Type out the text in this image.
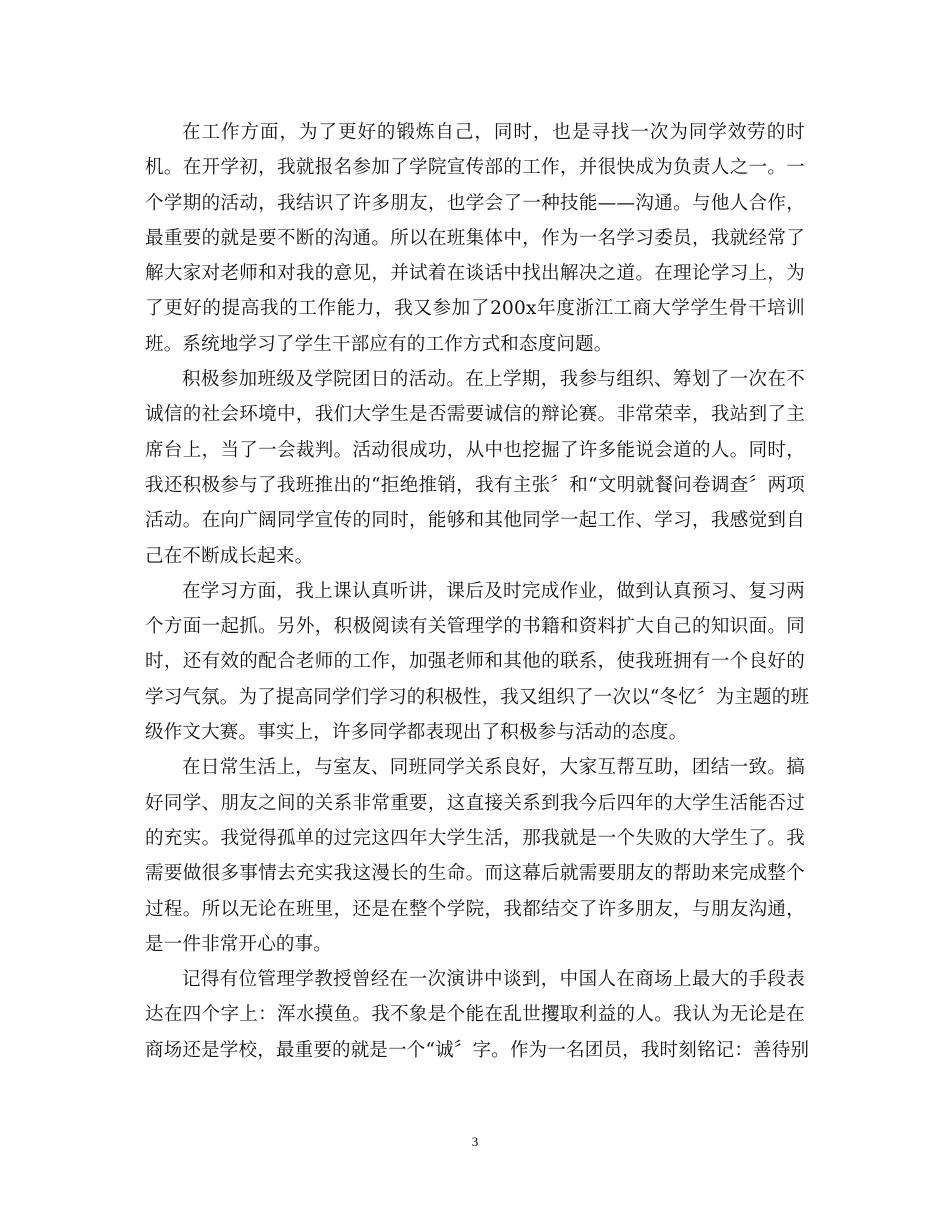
在工作方面，为了更好的锻炼自己，同时，也是寻找一次为同学效劳的时
机。在开学初，我就报名参加了学院宣传部的工作，并很快成为负责人之一。一
个学期的活动，我结识了许多朋友，也学会了一种技能——沟通。与他人合作，
最重要的就是要不断的沟通。所以在班集体中，作为一名学习委员，我就经常了
解大家对老师和对我的意见，并试着在谈话中找出解决之道。在理论学习上，为
了更好的提高我的工作能力，我又参加了200x年度浙江工商大学学生骨干培训
班。系统地学习了学生干部应有的工作方式和态度问题。
积极参加班级及学院团日的活动。在上学期，我参与组织、筹划了一次在不
诚信的社会环境中，我们大学生是否需要诚信的辩论赛。非常荣幸，我站到了主
席台上，当了一会裁判。活动很成功，从中也挖掘了许多能说会道的人。同时，
我还积极参与了我班推出的“拒绝推销，我有主张〞和“文明就餐问卷调查〞两项
活动。在向广阔同学宣传的同时，能够和其他同学一起工作、学习，我感觉到自
己在不断成长起来。
在学习方面，我上课认真听讲，课后及时完成作业，做到认真预习、复习两
个方面一起抓。另外，积极阅读有关管理学的书籍和资料扩大自己的知识面。同
时，还有效的配合老师的工作，加强老师和其他的联系，使我班拥有一个良好的
学习气氛。为了提高同学们学习的积极性，我又组织了一次以“冬忆〞为主题的班
级作文大赛。事实上，许多同学都表现出了积极参与活动的态度。
在日常生活上，与室友、同班同学关系良好，大家互帮互助，团结一致。搞
好同学、朋友之间的关系非常重要，这直接关系到我今后四年的大学生活能否过
的充实。我觉得孤单的过完这四年大学生活，那我就是一个失败的大学生了。我
需要做很多事情去充实我这漫长的生命。而这幕后就需要朋友的帮助来完成整个
过程。所以无论在班里，还是在整个学院，我都结交了许多朋友，与朋友沟通，
是一件非常开心的事。
记得有位管理学教授曾经在一次演讲中谈到，中国人在商场上最大的手段表
达在四个字上：浑水摸鱼。我不象是个能在乱世攫取利益的人。我认为无论是在
商场还是学校，最重要的就是一个“诚〞字。作为一名团员，我时刻铭记：善待别
3
